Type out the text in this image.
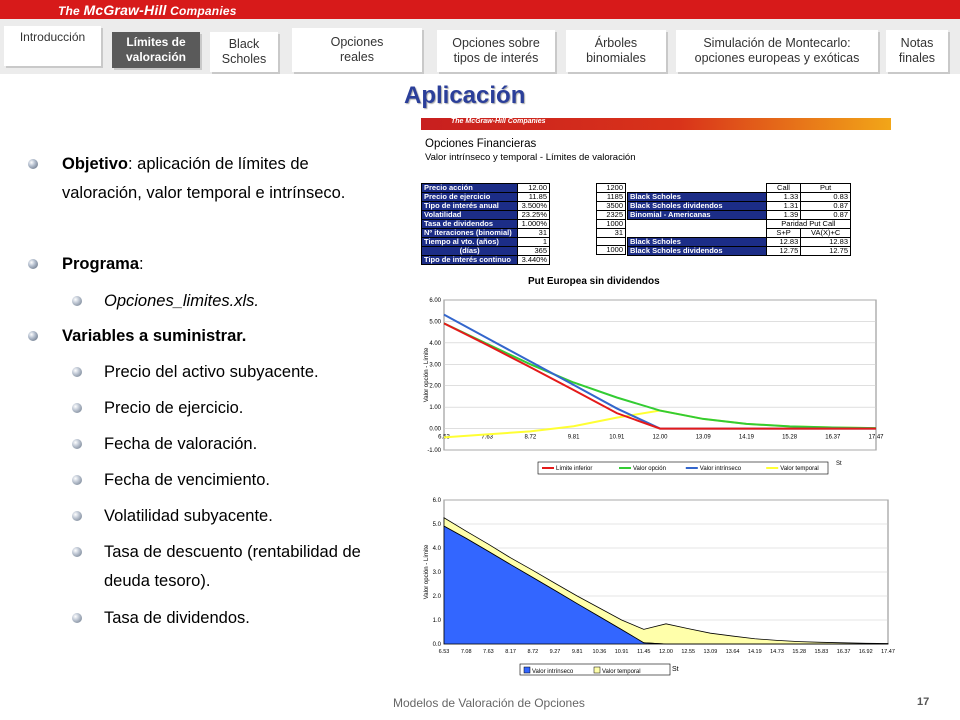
The McGraw-Hill Companies
Introducción	Límites de valoración
Black Scholes
Opciones reales
Opciones sobre tipos de interés
Árboles binomiales
Simulación de Montecarlo: opciones europeas y exóticas
Notas finales
Aplicación
Objetivo: aplicación de límites de valoración, valor temporal e intrínseco.
Programa:
Opciones_limites.xls.
Variables a suministrar.
Precio del activo subyacente.
Precio de ejercicio.
Fecha de valoración.
Fecha de vencimiento.
Volatilidad subyacente.
Tasa de descuento (rentabilidad de deuda tesoro).
Tasa de dividendos.
The McGraw-Hill Companies
Opciones Financieras
Valor intrínseco y temporal - Límites de valoración
Precio acción	12.00
Precio de ejercicio	11.85
Tipo de interés anual	3.500%
Volatilidad	23.25%
Tasa de dividendos	1.000%
Nº iteraciones (binomial)	31
Tiempo al vto. (años)	1
(días)	365
Tipo de interés continuo	3.440%
1200
1185
3500
2325
1000
31

1000
	Call	Put
Black Scholes	1.33	0.83
Black Scholes dividendos	1.31	0.87
Binomial - Americanas	1.39	0.87
	Paridad Put Call	
	S+P	VA(X)+C
Black Scholes	12.83	12.83
Black Scholes dividendos	12.75	12.75
Put Europea sin dividendos
6.00
5.00
4.00
3.00
2.00
1.00
0.00
-1.00
6.53	7.63	8.72	9.81	10.91	12.00	13.09	14.19	15.28	16.37	17.47
Valor opción - Límite
Límite inferior	Valor opción	Valor intrínseco	Valor temporal
St
6.0
5.0
4.0
3.0
2.0
1.0
0.0
6.53 7.08 7.63 8.17 8.72 9.27 9.81 10.36 10.91 11.45 12.00 12.55 13.09 13.64 14.19 14.73 15.28 15.83 16.37 16.92 17.47
Valor opción - Límite
Valor intrínseco	Valor temporal	St
Modelos de Valoración de Opciones	17
